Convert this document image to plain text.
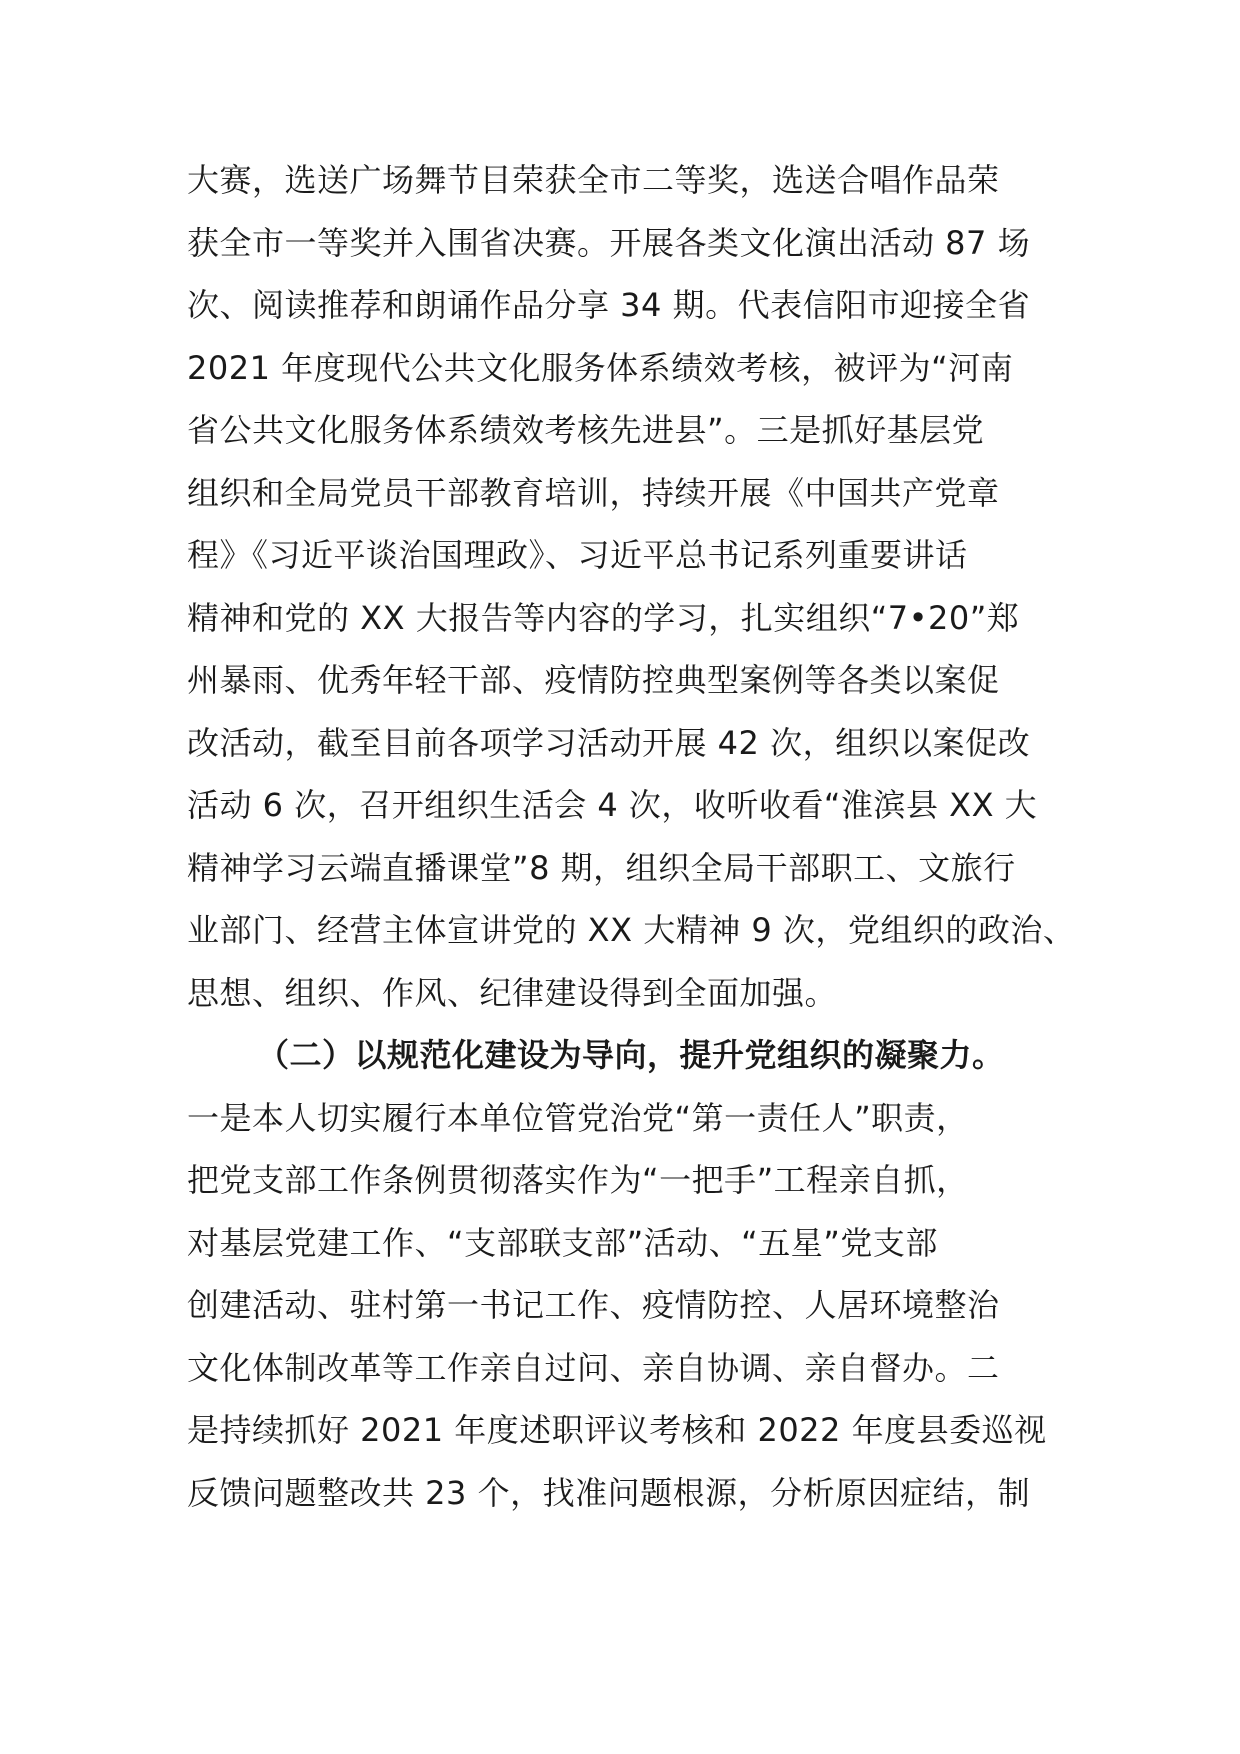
大赛，选送广场舞节目荣获全市二等奖，选送合唱作品荣
获全市一等奖并入围省决赛。开展各类文化演出活动 87 场
次、阅读推荐和朗诵作品分享 34 期。代表信阳市迎接全省
2021 年度现代公共文化服务体系绩效考核，被评为“河南
省公共文化服务体系绩效考核先进县”。三是抓好基层党
组织和全局党员干部教育培训，持续开展《中国共产党章
程》《习近平谈治国理政》、习近平总书记系列重要讲话
精神和党的 XX 大报告等内容的学习，扎实组织“7•20”郑
州暴雨、优秀年轻干部、疫情防控典型案例等各类以案促
改活动，截至目前各项学习活动开展 42 次，组织以案促改
活动 6 次，召开组织生活会 4 次，收听收看“淮滨县 XX 大
精神学习云端直播课堂”8 期，组织全局干部职工、文旅行
业部门、经营主体宣讲党的 XX 大精神 9 次，党组织的政治、
思想、组织、作风、纪律建设得到全面加强。
（二）以规范化建设为导向，提升党组织的凝聚力。
一是本人切实履行本单位管党治党“第一责任人”职责，
把党支部工作条例贯彻落实作为“一把手”工程亲自抓，
对基层党建工作、“支部联支部”活动、“五星”党支部
创建活动、驻村第一书记工作、疫情防控、人居环境整治
文化体制改革等工作亲自过问、亲自协调、亲自督办。二
是持续抓好 2021 年度述职评议考核和 2022 年度县委巡视
反馈问题整改共 23 个，找准问题根源，分析原因症结，制
